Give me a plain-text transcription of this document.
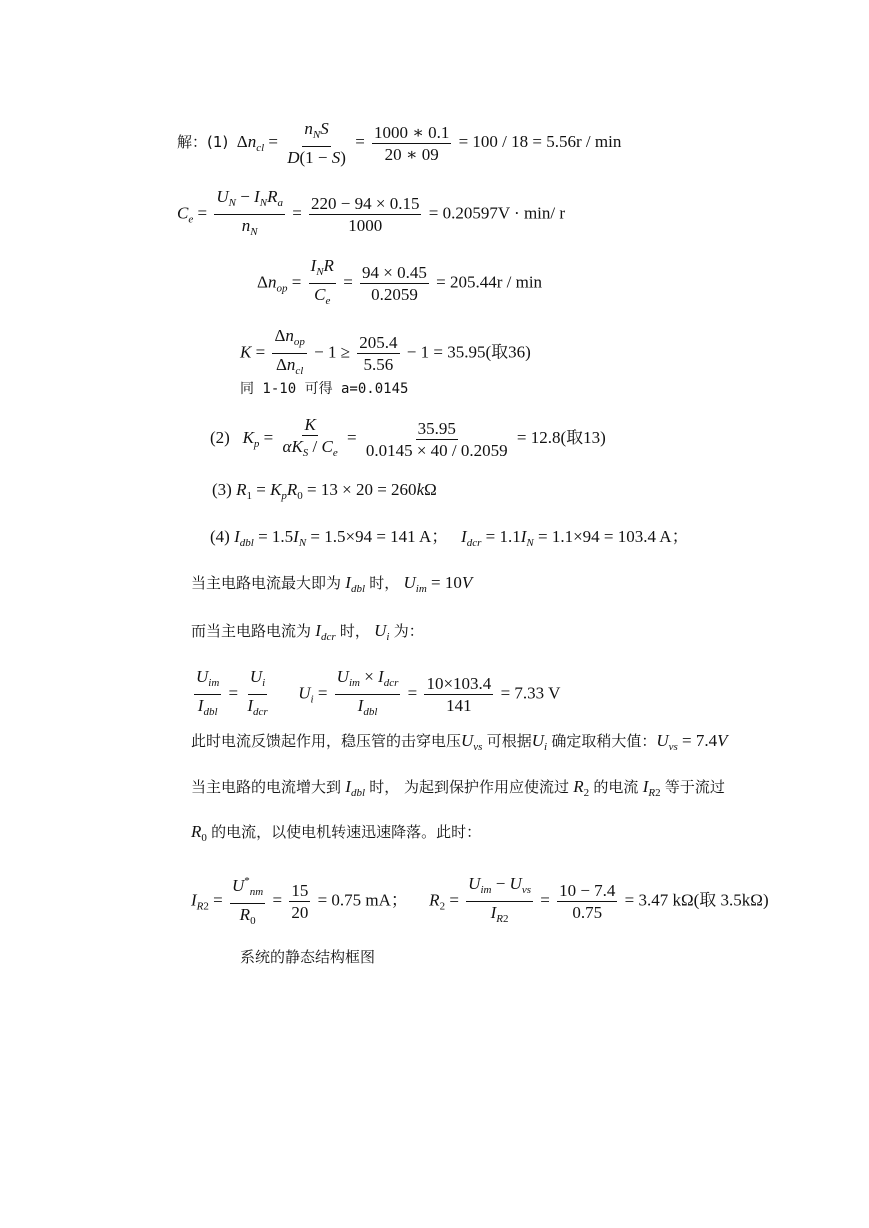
解：(1)  $\Delta n_{cl} = \frac{n_NS}{D(1 - S)} = \frac{1000 ∗ 0.1}{20 ∗ 09} = 100 / 18 = 5.56r / \min$
$C_e = \frac{U_N - I_NR_a}{n_N} = \frac{220 - 94 \times 0.15}{1000} = 0.20597V \cdot \min/$ r
$\Delta n_{op} = \frac{I_NR}{C_e} = \frac{94 \times 0.45}{0.2059} = 205.44r / \min$
$K = \frac{\Delta n_{op}}{\Delta n_{cl}} - 1 \ge \frac{205.4}{5.56} - 1 = 35.95$(取36)
同 1-10 可得 a=0.0145
(2) $K_p = \frac{K}{\alpha K_S / C_e} = \frac{35.95}{0.0145 \times 40 / 0.2059} = 12.8$(取13)
(3) $R_1 = K_pR_0 = 13 \times 20 = 260k\Omega$
(4) $I_{dbl} = 1.5I_N = 1.5\times 94 = 141$ A；   $I_{dcr} = 1.1I_N = 1.1\times 94 = 103.4$ A；
当主电路电流最大即为 $I_{dbl}$ 时， $U_{im} = 10V$
而当主电路电流为 $I_{dcr}$ 时， $U_i$ 为：
$\frac{U_{im}}{I_{dbl}} = \frac{U_i}{I_{dcr}} U_i = \frac{U_{im} \times I_{dcr}}{I_{dbl}} = \frac{10\times 103.4}{141} = 7.33$ V
此时电流反馈起作用，稳压管的击穿电压$U_{vs}$ 可根据$U_i$ 确定取稍大值：$U_{vs} = 7.4V$
当主电路的电流增大到 $I_{dbl}$ 时， 为起到保护作用应使流过 $R_2$ 的电流 $I_{R2}$ 等于流过
$R_0$ 的电流，以使电机转速迅速降落。此时：
$I_{R2} = \frac{U^*_{nm}}{R_0} = \frac{15}{20} = 0.75$ mA； $R_2 = \frac{U_{im} - U_{vs}}{I_{R2}} = \frac{10 - 7.4}{0.75} = 3.47$ kΩ(取 3.5kΩ)
系统的静态结构框图
